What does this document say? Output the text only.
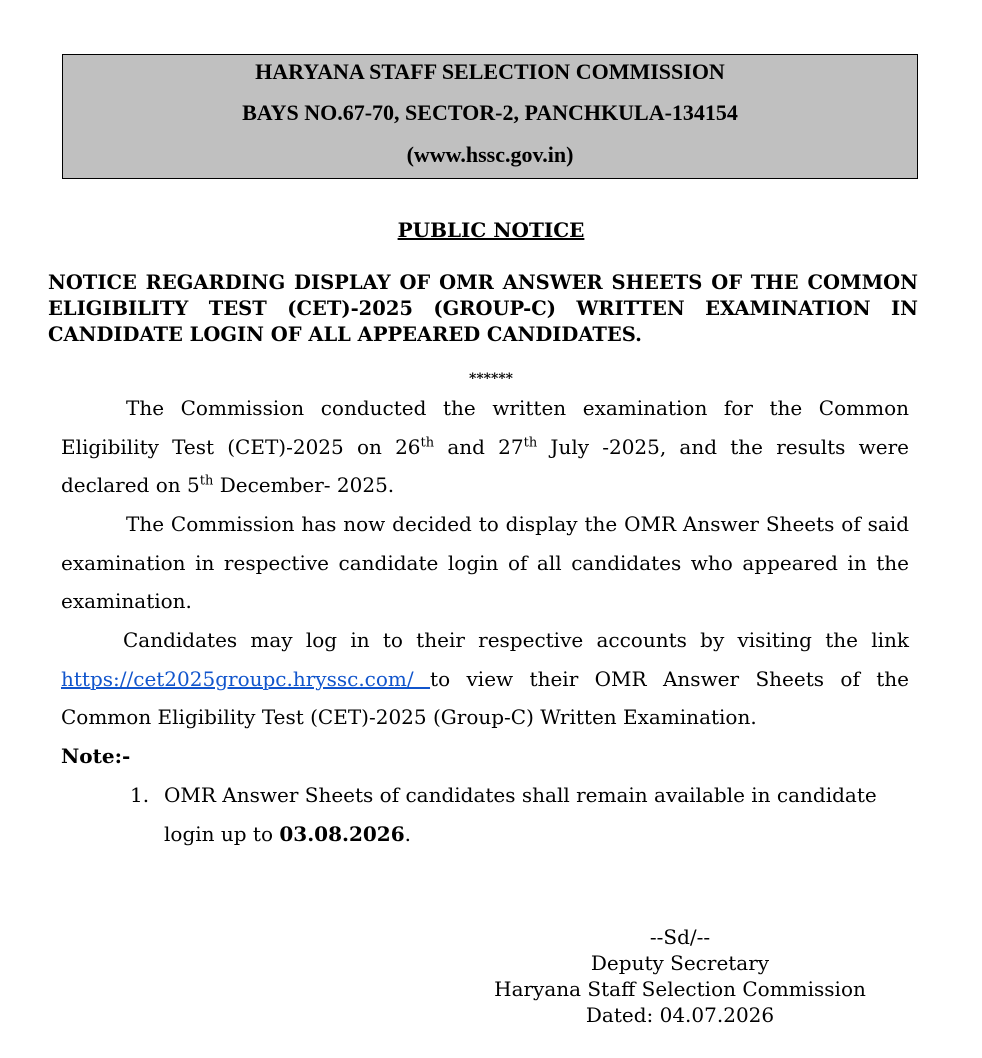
HARYANA STAFF SELECTION COMMISSION
BAYS NO.67-70, SECTOR-2, PANCHKULA-134154
(www.hssc.gov.in)
PUBLIC NOTICE

NOTICE REGARDING DISPLAY OF OMR ANSWER SHEETS OF THE COMMON ELIGIBILITY TEST (CET)-2025 (GROUP-C) WRITTEN EXAMINATION IN CANDIDATE LOGIN OF ALL APPEARED CANDIDATES.

******

The Commission conducted the written examination for the Common Eligibility Test (CET)-2025 on 26th and 27th July -2025, and the results were declared on 5th December- 2025.

The Commission has now decided to display the OMR Answer Sheets of said examination in respective candidate login of all candidates who appeared in the examination.

Candidates may log in to their respective accounts by visiting the link https://cet2025groupc.hryssc.com/ to view their OMR Answer Sheets of the Common Eligibility Test (CET)-2025 (Group-C) Written Examination.

Note:-
1. OMR Answer Sheets of candidates shall remain available in candidate login up to 03.08.2026.
--Sd/--
Deputy Secretary
Haryana Staff Selection Commission
Dated: 04.07.2026
